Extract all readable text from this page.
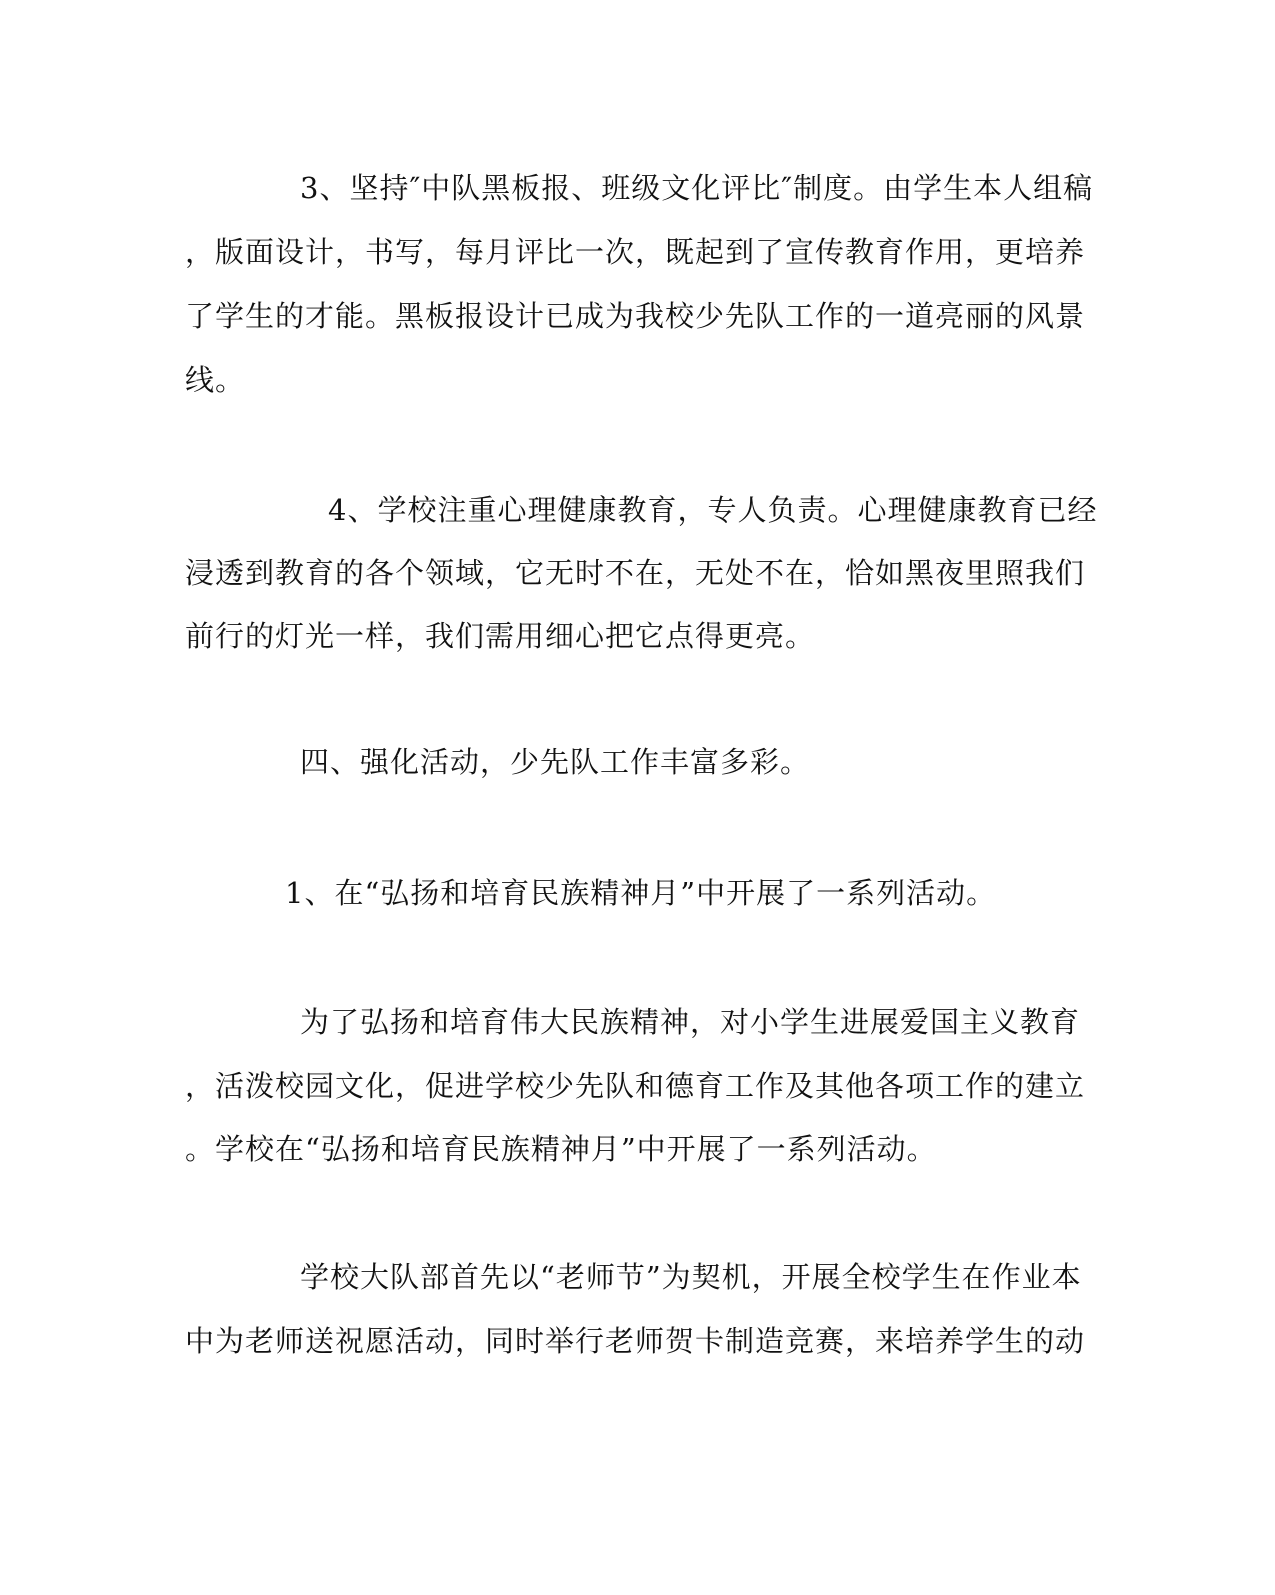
3、坚持″中队黑板报、班级文化评比″制度。由学生本人组稿
，版面设计，书写，每月评比一次，既起到了宣传教育作用，更培养
了学生的才能。黑板报设计已成为我校少先队工作的一道亮丽的风景
线。
4、学校注重心理健康教育，专人负责。心理健康教育已经
浸透到教育的各个领域，它无时不在，无处不在，恰如黑夜里照我们
前行的灯光一样，我们需用细心把它点得更亮。
四、强化活动，少先队工作丰富多彩。
1、在“弘扬和培育民族精神月”中开展了一系列活动。
为了弘扬和培育伟大民族精神，对小学生进展爱国主义教育
，活泼校园文化，促进学校少先队和德育工作及其他各项工作的建立
。学校在“弘扬和培育民族精神月”中开展了一系列活动。
学校大队部首先以“老师节”为契机，开展全校学生在作业本
中为老师送祝愿活动，同时举行老师贺卡制造竞赛，来培养学生的动
